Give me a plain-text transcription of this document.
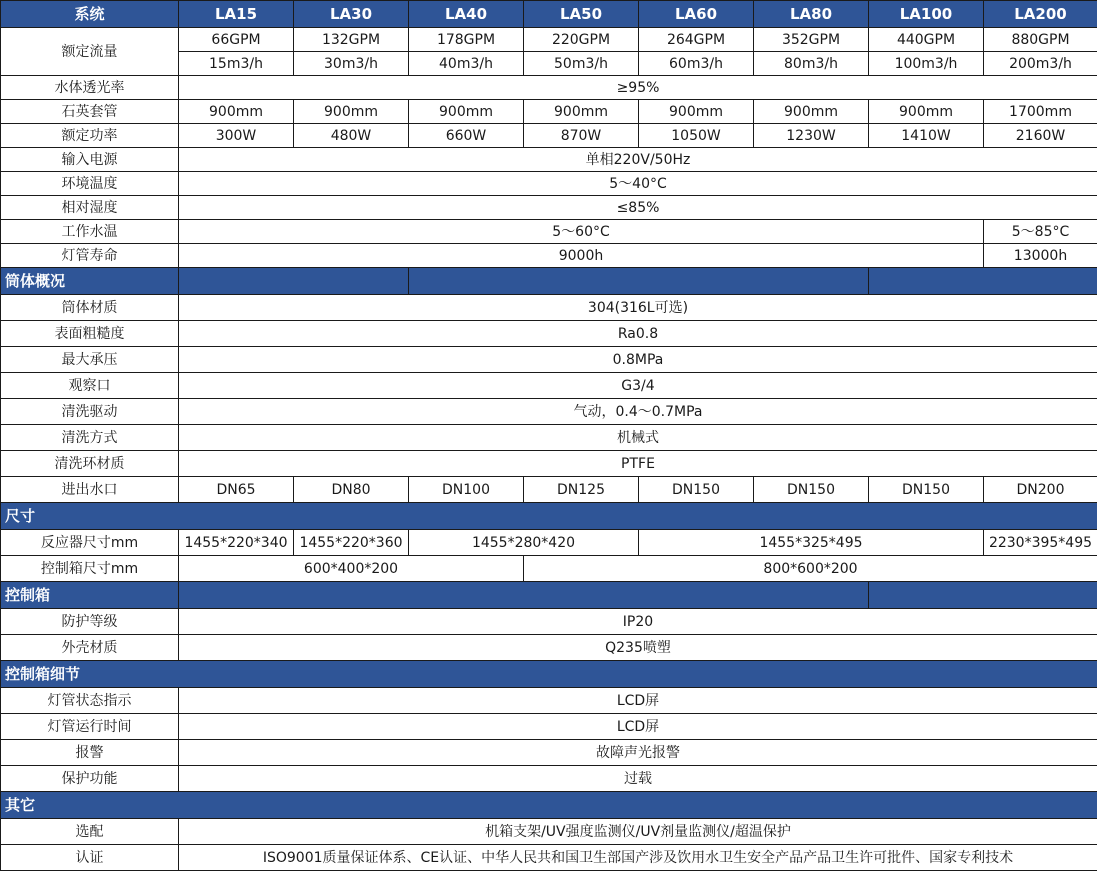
系统	LA15	LA30	LA40	LA50	LA60	LA80	LA100	LA200
额定流量	66GPM	132GPM	178GPM	220GPM	264GPM	352GPM	440GPM	880GPM
	15m3/h	30m3/h	40m3/h	50m3/h	60m3/h	80m3/h	100m3/h	200m3/h
水体透光率	≥95%							
石英套管	900mm	900mm	900mm	900mm	900mm	900mm	900mm	1700mm
额定功率	300W	480W	660W	870W	1050W	1230W	1410W	2160W
输入电源	单相220V/50Hz							
环境温度	5～40°C							
相对湿度	≤85%							
工作水温	5～60°C							5～85°C
灯管寿命	9000h							13000h
筒体概况								
筒体材质	304(316L可选)							
表面粗糙度	Ra0.8							
最大承压	0.8MPa							
观察口	G3/4							
清洗驱动	气动，0.4～0.7MPa							
清洗方式	机械式							
清洗环材质	PTFE							
进出水口	DN65	DN80	DN100	DN125	DN150	DN150	DN150	DN200
尺寸								
反应器尺寸mm	1455*220*340	1455*220*360	1455*280*420		1455*325*495			2230*395*495
控制箱尺寸mm	600*400*200			800*600*200				
控制箱								
防护等级	IP20							
外壳材质	Q235喷塑							
控制箱细节								
灯管状态指示	LCD屏							
灯管运行时间	LCD屏							
报警	故障声光报警							
保护功能	过载							
其它								
选配	机箱支架/UV强度监测仪/UV剂量监测仪/超温保护							
认证	ISO9001质量保证体系、CE认证、中华人民共和国卫生部国产涉及饮用水卫生安全产品产品卫生许可批件、国家专利技术							
